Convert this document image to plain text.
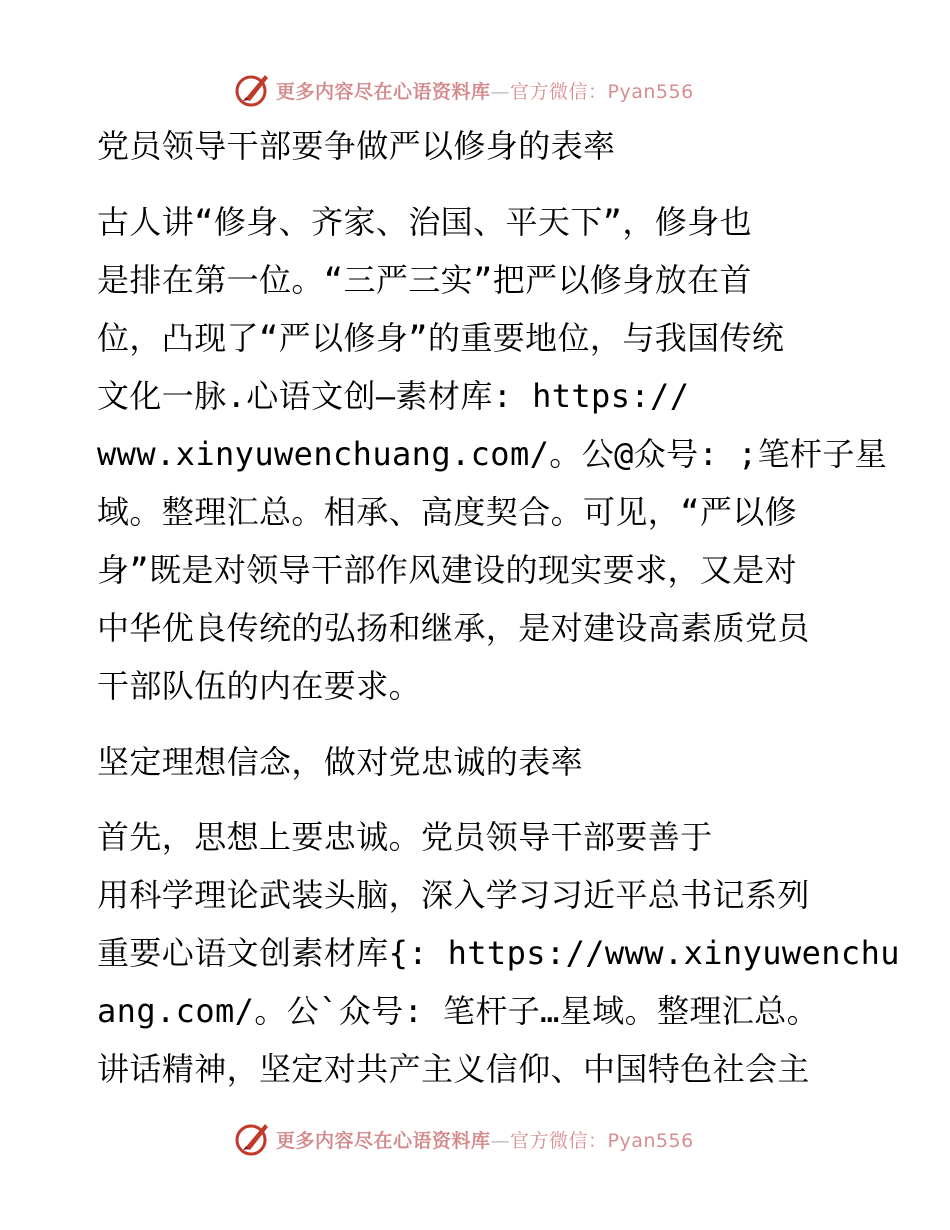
更多内容尽在心语资料库—官方微信：Pyan556
党员领导干部要争做严以修身的表率
古人讲“修身、齐家、治国、平天下”，修身也
是排在第一位。“三严三实”把严以修身放在首
位，凸现了“严以修身”的重要地位，与我国传统
文化一脉.心语文创—素材库: https://
www.xinyuwenchuang.com/。公@众号: ;笔杆子星
域。整理汇总。相承、高度契合。可见，“严以修
身”既是对领导干部作风建设的现实要求，又是对
中华优良传统的弘扬和继承，是对建设高素质党员
干部队伍的内在要求。
坚定理想信念，做对党忠诚的表率
首先，思想上要忠诚。党员领导干部要善于
用科学理论武装头脑，深入学习习近平总书记系列
重要心语文创素材库{: https://www.xinyuwenchu
ang.com/。公`众号: 笔杆子…星域。整理汇总。
讲话精神，坚定对共产主义信仰、中国特色社会主
更多内容尽在心语资料库—官方微信：Pyan556
